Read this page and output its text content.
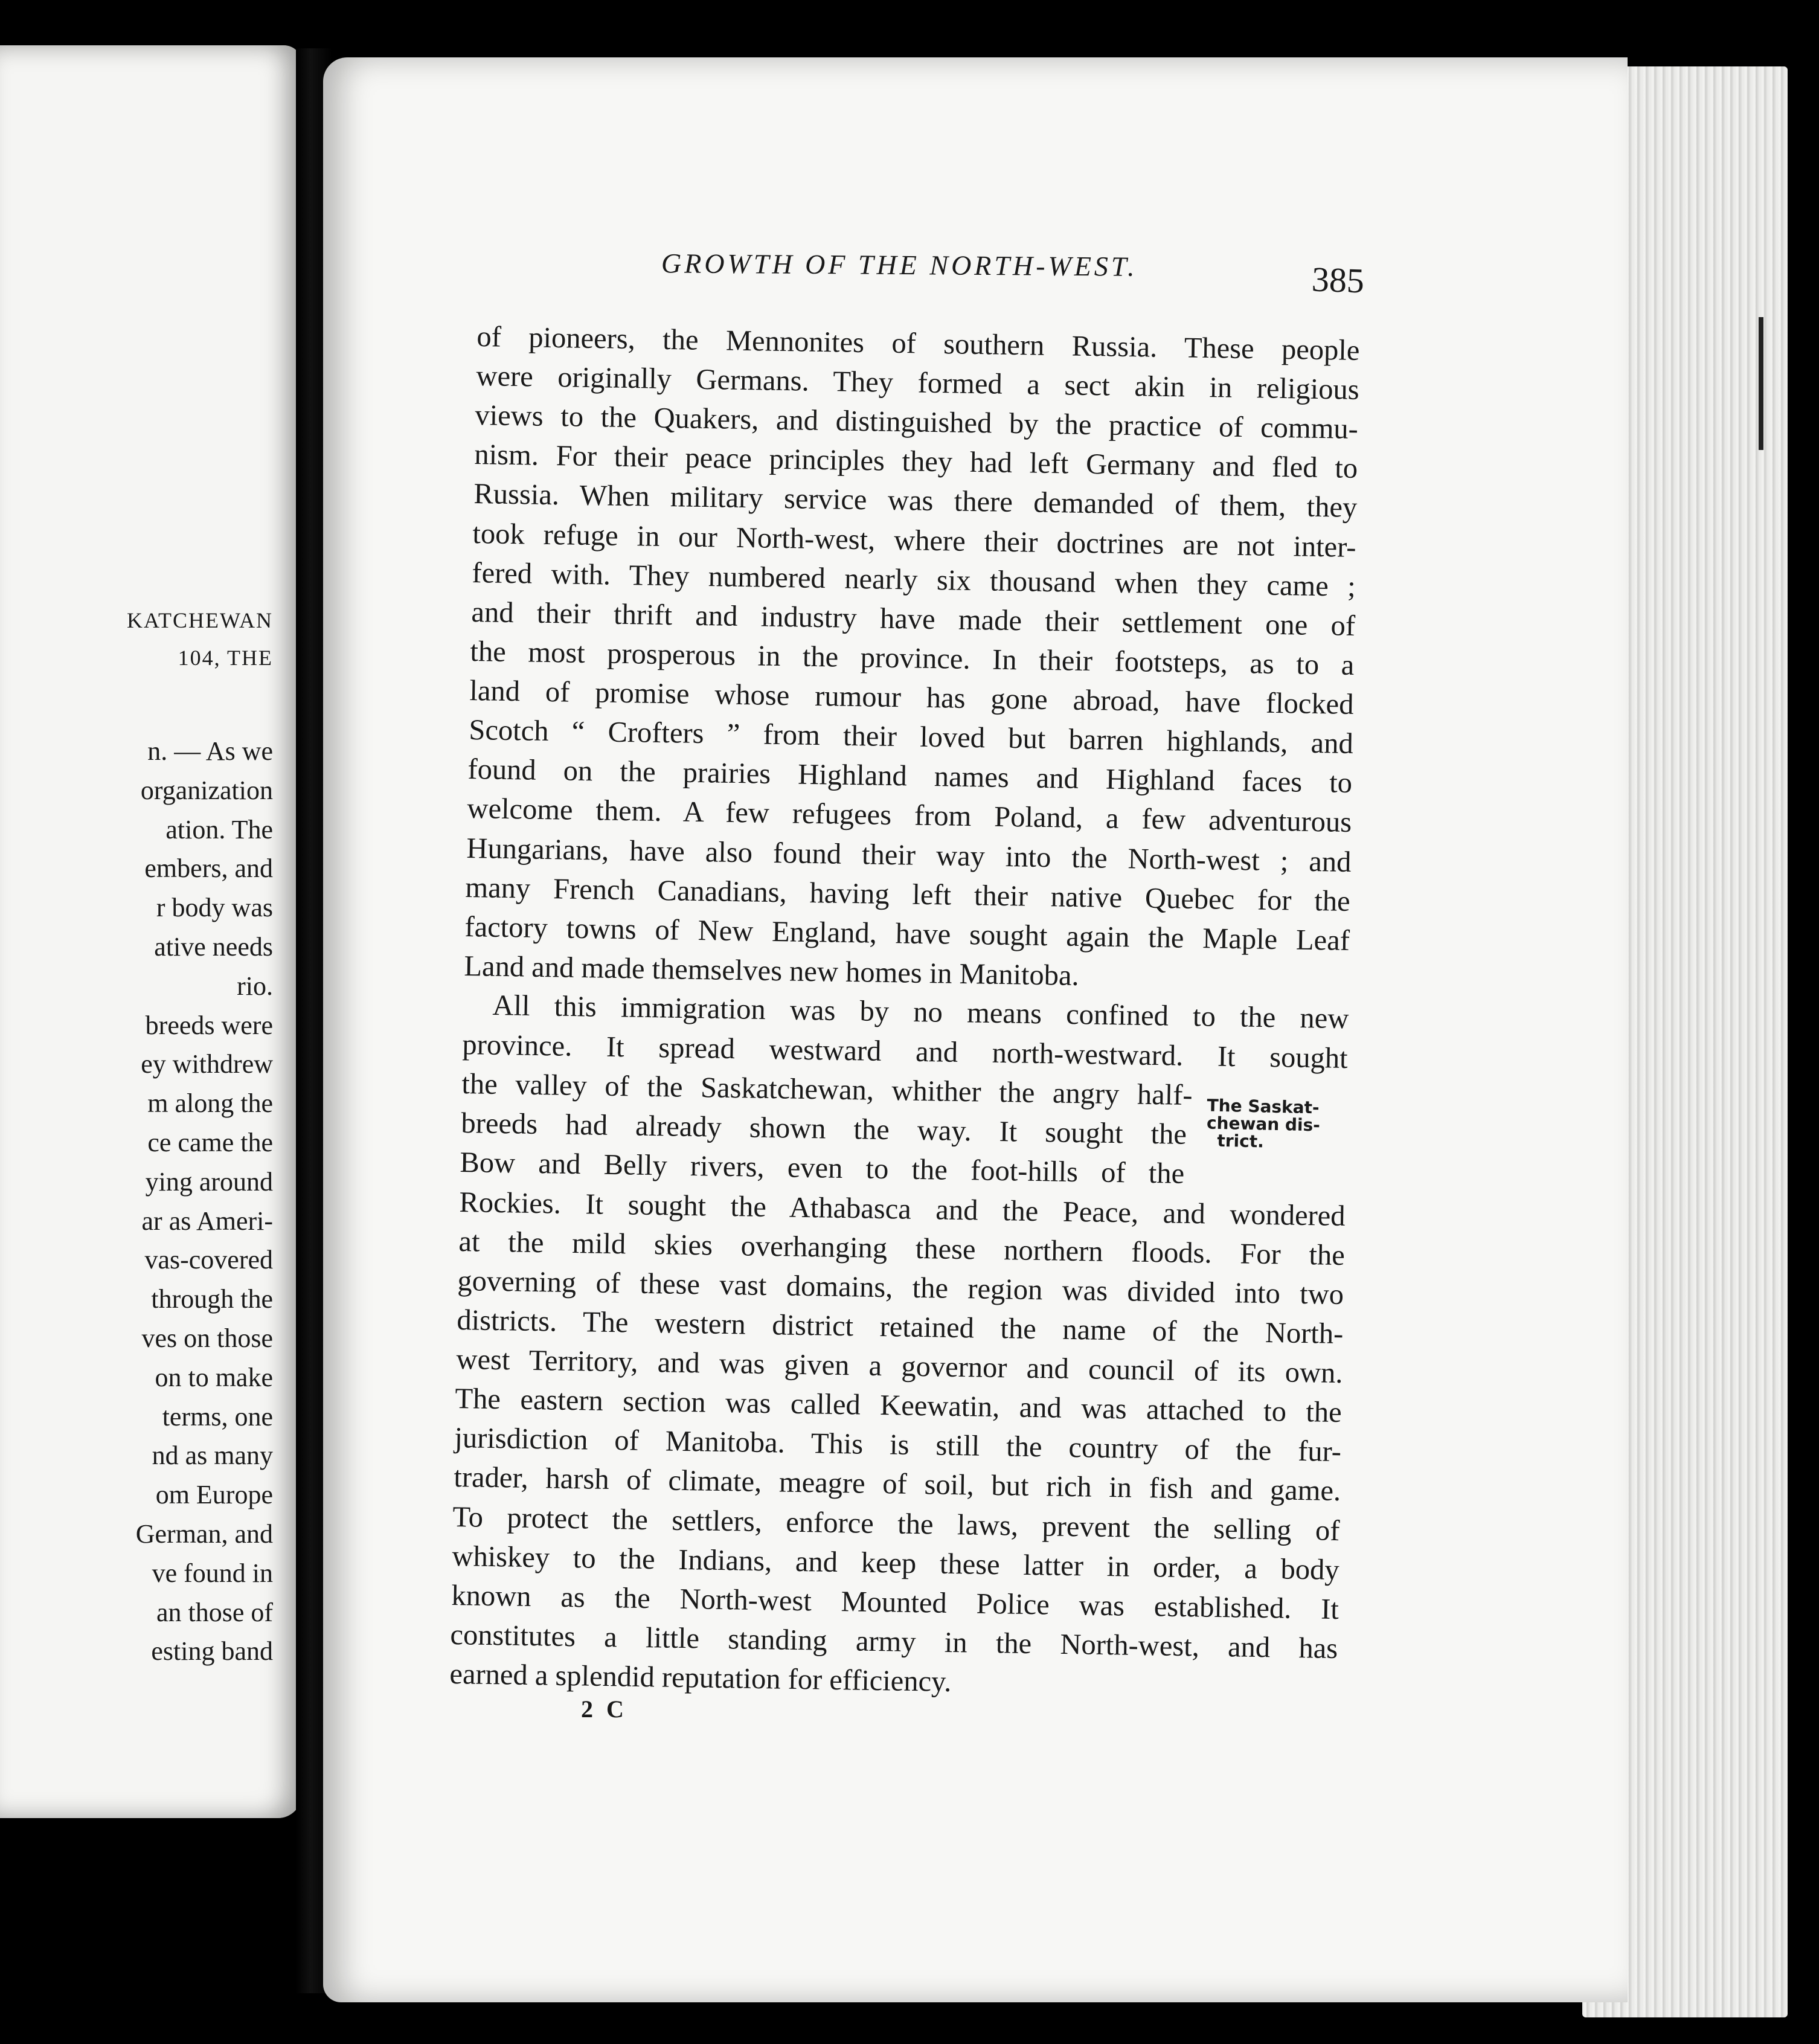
KATCHEWAN
104, THE
n. — As we
organization
ation. The
embers, and
r body was
ative needs
rio.
breeds were
ey withdrew
m along the
ce came the
ying around
ar as Ameri-
vas-covered
through the
ves on those
on to make
terms, one
nd as many
om Europe
German, and
ve found in
an those of
esting band
GROWTH OF THE NORTH-WEST.	385
of pioneers, the Mennonites of southern Russia. These people
were originally Germans. They formed a sect akin in religious
views to the Quakers, and distinguished by the practice of commu-
nism. For their peace principles they had left Germany and fled to
Russia. When military service was there demanded of them, they
took refuge in our North-west, where their doctrines are not inter-
fered with. They numbered nearly six thousand when they came ;
and their thrift and industry have made their settlement one of
the most prosperous in the province. In their footsteps, as to a
land of promise whose rumour has gone abroad, have flocked
Scotch “ Crofters ” from their loved but barren highlands, and
found on the prairies Highland names and Highland faces to
welcome them. A few refugees from Poland, a few adventurous
Hungarians, have also found their way into the North-west ; and
many French Canadians, having left their native Quebec for the
factory towns of New England, have sought again the Maple Leaf
Land and made themselves new homes in Manitoba.
All this immigration was by no means confined to the new
province. It spread westward and north-westward. It sought
the valley of the Saskatchewan, whither the angry half-
breeds had already shown the way. It sought the
Bow and Belly rivers, even to the foot-hills of the
Rockies. It sought the Athabasca and the Peace, and wondered
at the mild skies overhanging these northern floods. For the
governing of these vast domains, the region was divided into two
districts. The western district retained the name of the North-
west Territory, and was given a governor and council of its own.
The eastern section was called Keewatin, and was attached to the
jurisdiction of Manitoba. This is still the country of the fur-
trader, harsh of climate, meagre of soil, but rich in fish and game.
To protect the settlers, enforce the laws, prevent the selling of
whiskey to the Indians, and keep these latter in order, a body
known as the North-west Mounted Police was established. It
constitutes a little standing army in the North-west, and has
earned a splendid reputation for efficiency.
The Saskat-
chewan dis-
trict.
2 C
